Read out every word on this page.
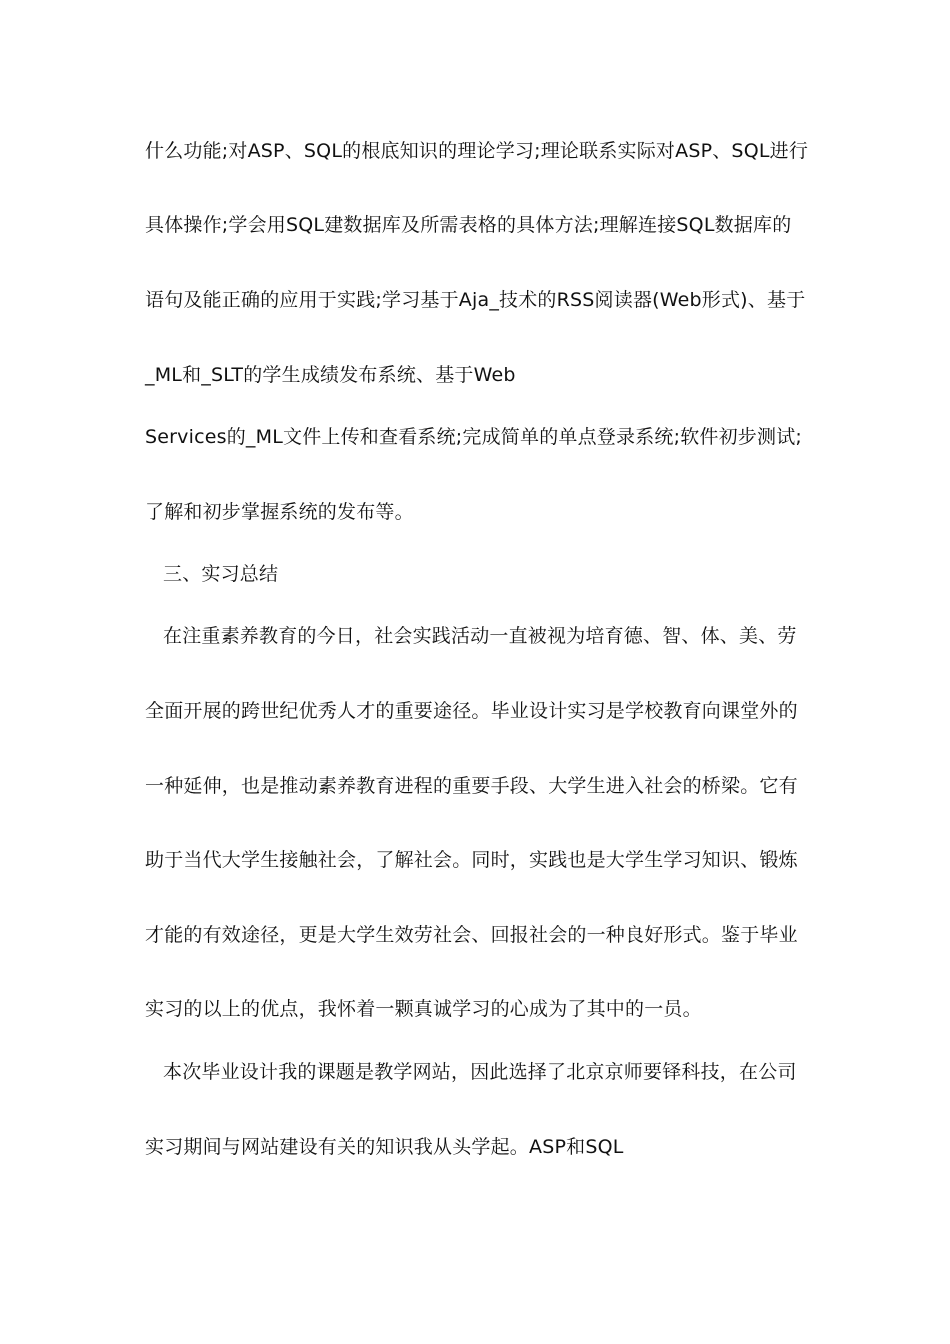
什么功能;对ASP、SQL的根底知识的理论学习;理论联系实际对ASP、SQL进行
具体操作;学会用SQL建数据库及所需表格的具体方法;理解连接SQL数据库的
语句及能正确的应用于实践;学习基于Aja_技术的RSS阅读器(Web形式)、基于
_ML和_SLT的学生成绩发布系统、基于Web
Services的_ML文件上传和查看系统;完成简单的单点登录系统;软件初步测试;
了解和初步掌握系统的发布等。
三、实习总结
在注重素养教育的今日，社会实践活动一直被视为培育德、智、体、美、劳
全面开展的跨世纪优秀人才的重要途径。毕业设计实习是学校教育向课堂外的
一种延伸，也是推动素养教育进程的重要手段、大学生进入社会的桥梁。它有
助于当代大学生接触社会，了解社会。同时，实践也是大学生学习知识、锻炼
才能的有效途径，更是大学生效劳社会、回报社会的一种良好形式。鉴于毕业
实习的以上的优点，我怀着一颗真诚学习的心成为了其中的一员。
本次毕业设计我的课题是教学网站，因此选择了北京京师要铎科技，在公司
实习期间与网站建设有关的知识我从头学起。ASP和SQL
